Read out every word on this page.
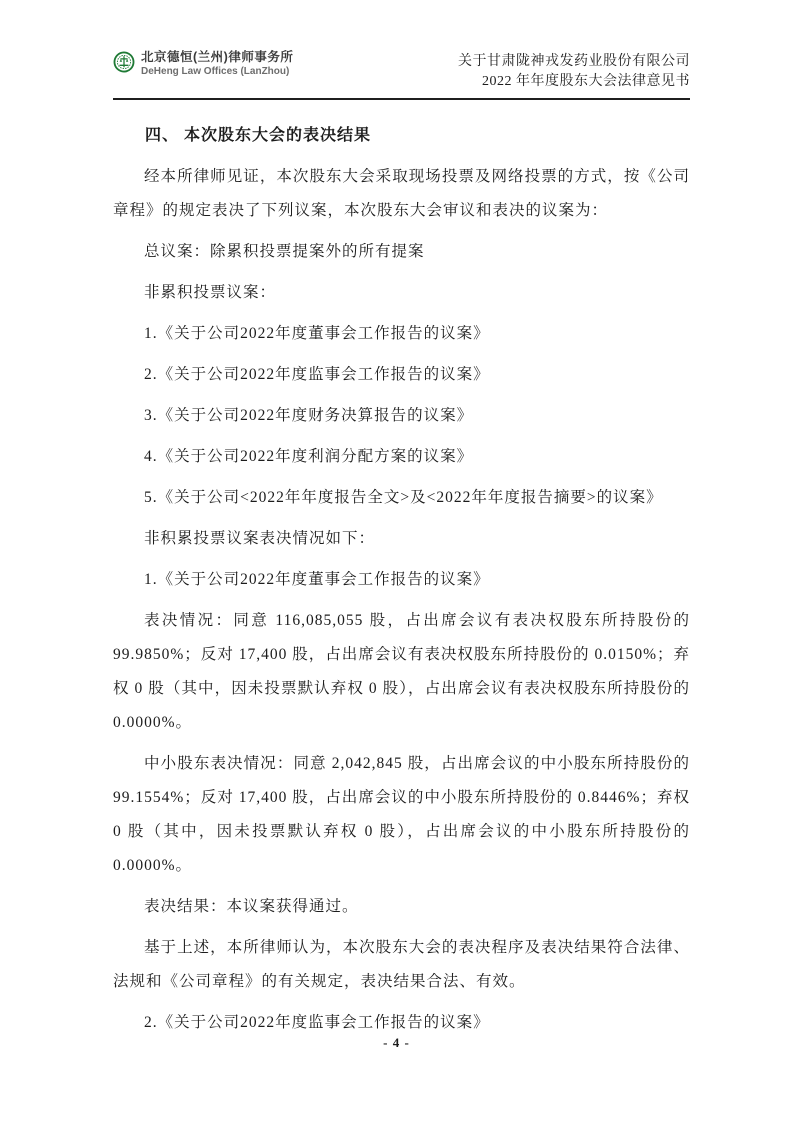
北京德恒(兰州)律师事务所
DeHeng Law Offices (LanZhou)
关于甘肃陇神戎发药业股份有限公司
2022 年年度股东大会法律意见书
四、 本次股东大会的表决结果

经本所律师见证，本次股东大会采取现场投票及网络投票的方式，按《公司章程》的规定表决了下列议案，本次股东大会审议和表决的议案为：

总议案：除累积投票提案外的所有提案

非累积投票议案：

1.《关于公司2022年度董事会工作报告的议案》

2.《关于公司2022年度监事会工作报告的议案》

3.《关于公司2022年度财务决算报告的议案》

4.《关于公司2022年度利润分配方案的议案》

5.《关于公司<2022年年度报告全文>及<2022年年度报告摘要>的议案》

非积累投票议案表决情况如下：

1.《关于公司2022年度董事会工作报告的议案》

表决情况：同意 116,085,055 股，占出席会议有表决权股东所持股份的99.9850%；反对 17,400 股，占出席会议有表决权股东所持股份的 0.0150%；弃权 0 股（其中，因未投票默认弃权 0 股），占出席会议有表决权股东所持股份的 0.0000%。

中小股东表决情况：同意 2,042,845 股，占出席会议的中小股东所持股份的99.1554%；反对 17,400 股，占出席会议的中小股东所持股份的 0.8446%；弃权 0 股（其中，因未投票默认弃权 0 股），占出席会议的中小股东所持股份的0.0000%。

表决结果：本议案获得通过。

基于上述，本所律师认为，本次股东大会的表决程序及表决结果符合法律、法规和《公司章程》的有关规定，表决结果合法、有效。

2.《关于公司2022年度监事会工作报告的议案》

- 4 -
